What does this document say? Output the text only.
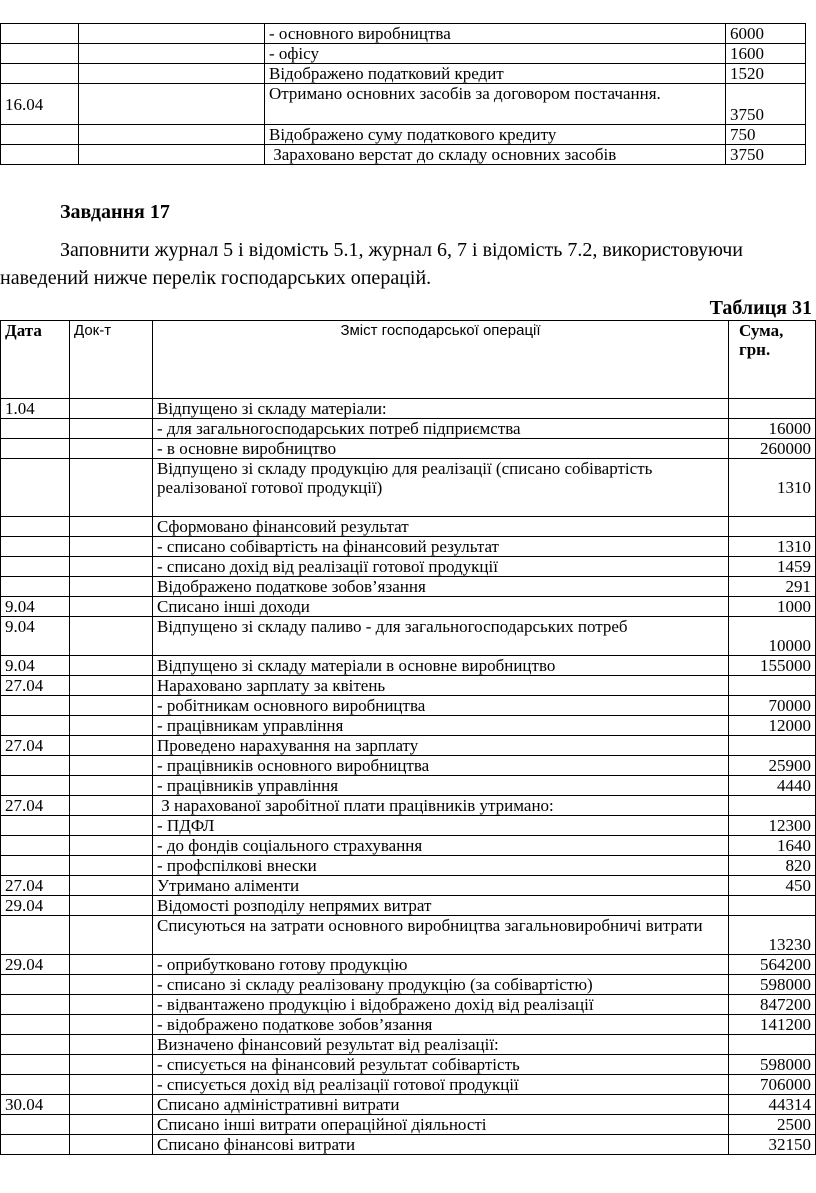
		- основного виробництва	6000
		- офісу	1600
		Відображено податковий кредит	1520
16.04		Отримано основних засобів за договором постачання.	3750
		Відображено суму податкового кредиту	750
		Зараховано верстат до складу основних засобів	3750

Завдання 17

Заповнити журнал 5 і відомість 5.1, журнал 6, 7 і відомість 7.2, використовуючи наведений нижче перелік господарських операцій.

Таблиця 31

Дата	Док-т	Зміст господарської операції	Сума, грн.
1.04		Відпущено зі складу матеріали:	
		- для загальногосподарських потреб підприємства	16000
		- в основне виробництво	260000
		Відпущено зі складу продукцію для реалізації (списано собівартість реалізованої готової продукції)	1310
		Сформовано фінансовий результат	
		- списано собівартість на фінансовий результат	1310
		- списано дохід від реалізації готової продукції	1459
		Відображено податкове зобов’язання	291
9.04		Списано інші доходи	1000
9.04		Відпущено зі складу паливо - для загальногосподарських потреб	10000
9.04		Відпущено зі складу матеріали в основне виробництво	155000
27.04		Нараховано зарплату за квітень	
		- робітникам основного виробництва	70000
		- працівникам управління	12000
27.04		Проведено нарахування на зарплату	
		- працівників основного виробництва	25900
		- працівників управління	4440
27.04		З нарахованої заробітної плати працівників утримано:	
		- ПДФЛ	12300
		- до фондів соціального страхування	1640
		- профспілкові внески	820
27.04		Утримано аліменти	450
29.04		Відомості розподілу непрямих витрат	
		Списуються на затрати основного виробництва загальновиробничі витрати	13230
29.04		- оприбутковано готову продукцію	564200
		- списано зі складу реалізовану продукцію (за собівартістю)	598000
		- відвантажено продукцію і відображено дохід від реалізації	847200
		- відображено податкове зобов’язання	141200
		Визначено фінансовий результат від реалізації:	
		- списується на фінансовий результат собівартість	598000
		- списується дохід від реалізації готової продукції	706000
30.04		Списано адміністративні витрати	44314
		Списано інші витрати операційної діяльності	2500
		Списано фінансові витрати	32150
